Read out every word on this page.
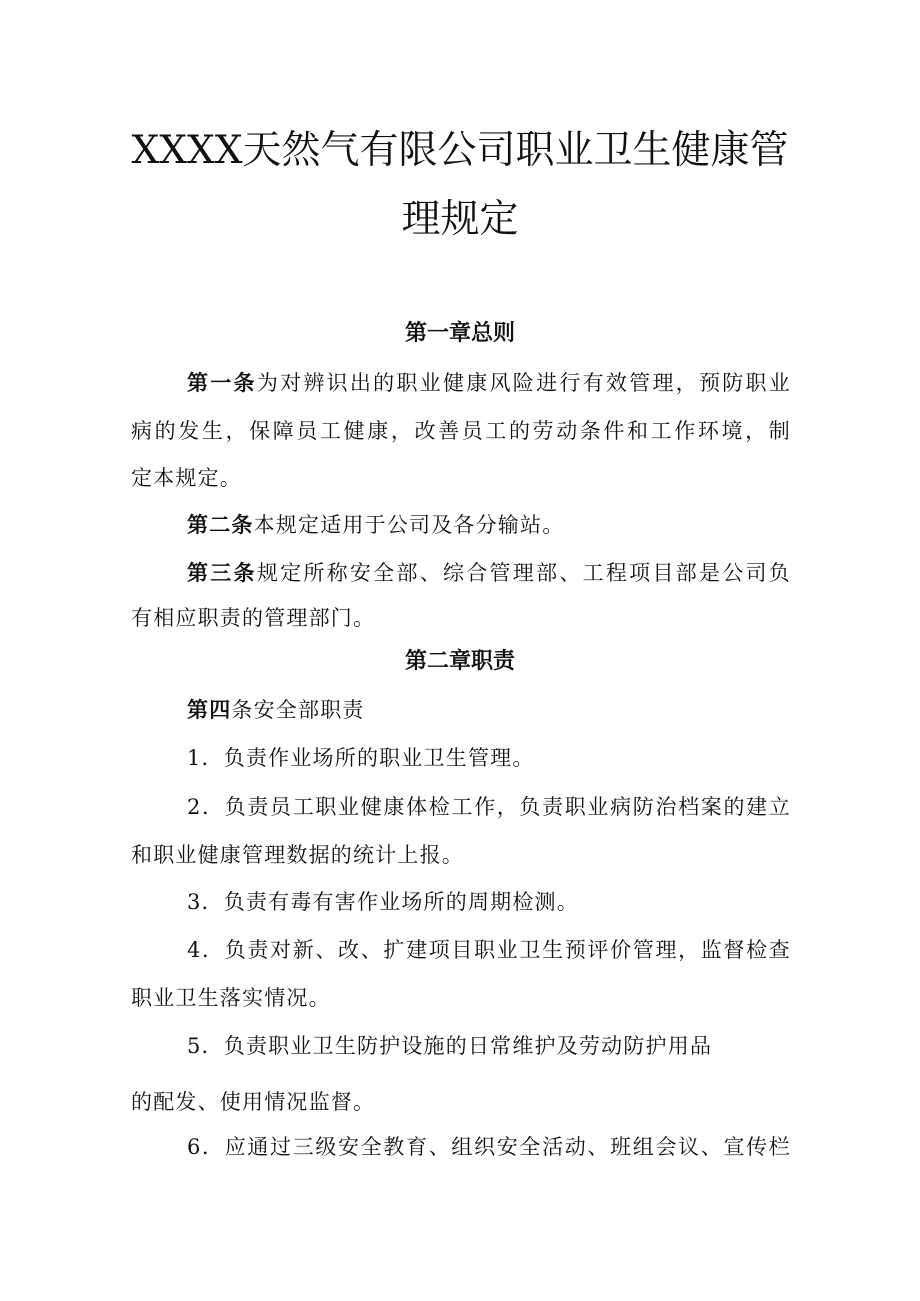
XXXX天然气有限公司职业卫生健康管
理规定
第一章总则
第一条为对辨识出的职业健康风险进行有效管理，预防职业
病的发生，保障员工健康，改善员工的劳动条件和工作环境，制
定本规定。
第二条本规定适用于公司及各分输站。
第三条规定所称安全部、综合管理部、工程项目部是公司负
有相应职责的管理部门。
第二章职责
第四条安全部职责
1．负责作业场所的职业卫生管理。
2．负责员工职业健康体检工作，负责职业病防治档案的建立
和职业健康管理数据的统计上报。
3．负责有毒有害作业场所的周期检测。
4．负责对新、改、扩建项目职业卫生预评价管理，监督检查
职业卫生落实情况。
5．负责职业卫生防护设施的日常维护及劳动防护用品
的配发、使用情况监督。
6．应通过三级安全教育、组织安全活动、班组会议、宣传栏
